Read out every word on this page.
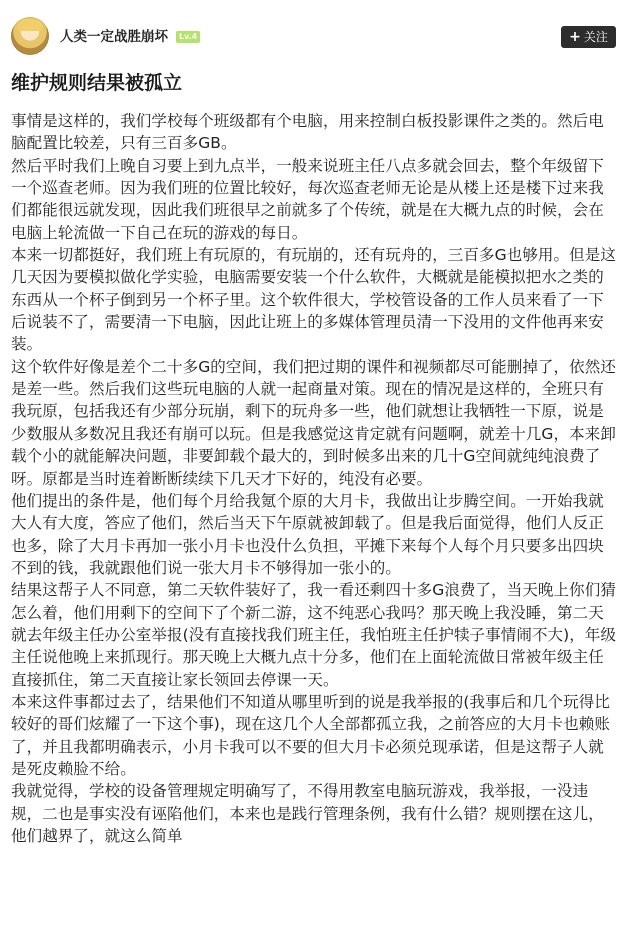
人类一定战胜崩坏	Lv.4	+ 关注
维护规则结果被孤立

事情是这样的，我们学校每个班级都有个电脑，用来控制白板投影课件之类的。然后电脑配置比较差，只有三百多GB。

然后平时我们上晚自习要上到九点半，一般来说班主任八点多就会回去，整个年级留下一个巡查老师。因为我们班的位置比较好，每次巡查老师无论是从楼上还是楼下过来我们都能很远就发现，因此我们班很早之前就多了个传统，就是在大概九点的时候，会在电脑上轮流做一下自己在玩的游戏的每日。

本来一切都挺好，我们班上有玩原的，有玩崩的，还有玩舟的，三百多G也够用。但是这几天因为要模拟做化学实验，电脑需要安装一个什么软件，大概就是能模拟把水之类的东西从一个杯子倒到另一个杯子里。这个软件很大，学校管设备的工作人员来看了一下后说装不了，需要清一下电脑，因此让班上的多媒体管理员清一下没用的文件他再来安装。

这个软件好像是差个二十多G的空间，我们把过期的课件和视频都尽可能删掉了，依然还是差一些。然后我们这些玩电脑的人就一起商量对策。现在的情况是这样的，全班只有我玩原，包括我还有少部分玩崩，剩下的玩舟多一些，他们就想让我牺牲一下原，说是少数服从多数况且我还有崩可以玩。但是我感觉这肯定就有问题啊，就差十几G，本来卸载个小的就能解决问题，非要卸载个最大的，到时候多出来的几十G空间就纯纯浪费了呀。原都是当时连着断断续续下几天才下好的，纯没有必要。

他们提出的条件是，他们每个月给我氪个原的大月卡，我做出让步腾空间。一开始我就大人有大度，答应了他们，然后当天下午原就被卸载了。但是我后面觉得，他们人反正也多，除了大月卡再加一张小月卡也没什么负担，平摊下来每个人每个月只要多出四块不到的钱，我就跟他们说一张大月卡不够得加一张小的。

结果这帮子人不同意，第二天软件装好了，我一看还剩四十多G浪费了，当天晚上你们猜怎么着，他们用剩下的空间下了个新二游，这不纯恶心我吗？那天晚上我没睡，第二天就去年级主任办公室举报(没有直接找我们班主任，我怕班主任护犊子事情闹不大)，年级主任说他晚上来抓现行。那天晚上大概九点十分多，他们在上面轮流做日常被年级主任直接抓住，第二天直接让家长领回去停课一天。

本来这件事都过去了，结果他们不知道从哪里听到的说是我举报的(我事后和几个玩得比较好的哥们炫耀了一下这个事)，现在这几个人全部都孤立我，之前答应的大月卡也赖账了，并且我都明确表示，小月卡我可以不要的但大月卡必须兑现承诺，但是这帮子人就是死皮赖脸不给。

我就觉得，学校的设备管理规定明确写了，不得用教室电脑玩游戏，我举报，一没违规，二也是事实没有诬陷他们，本来也是践行管理条例，我有什么错？规则摆在这儿，他们越界了，就这么简单
